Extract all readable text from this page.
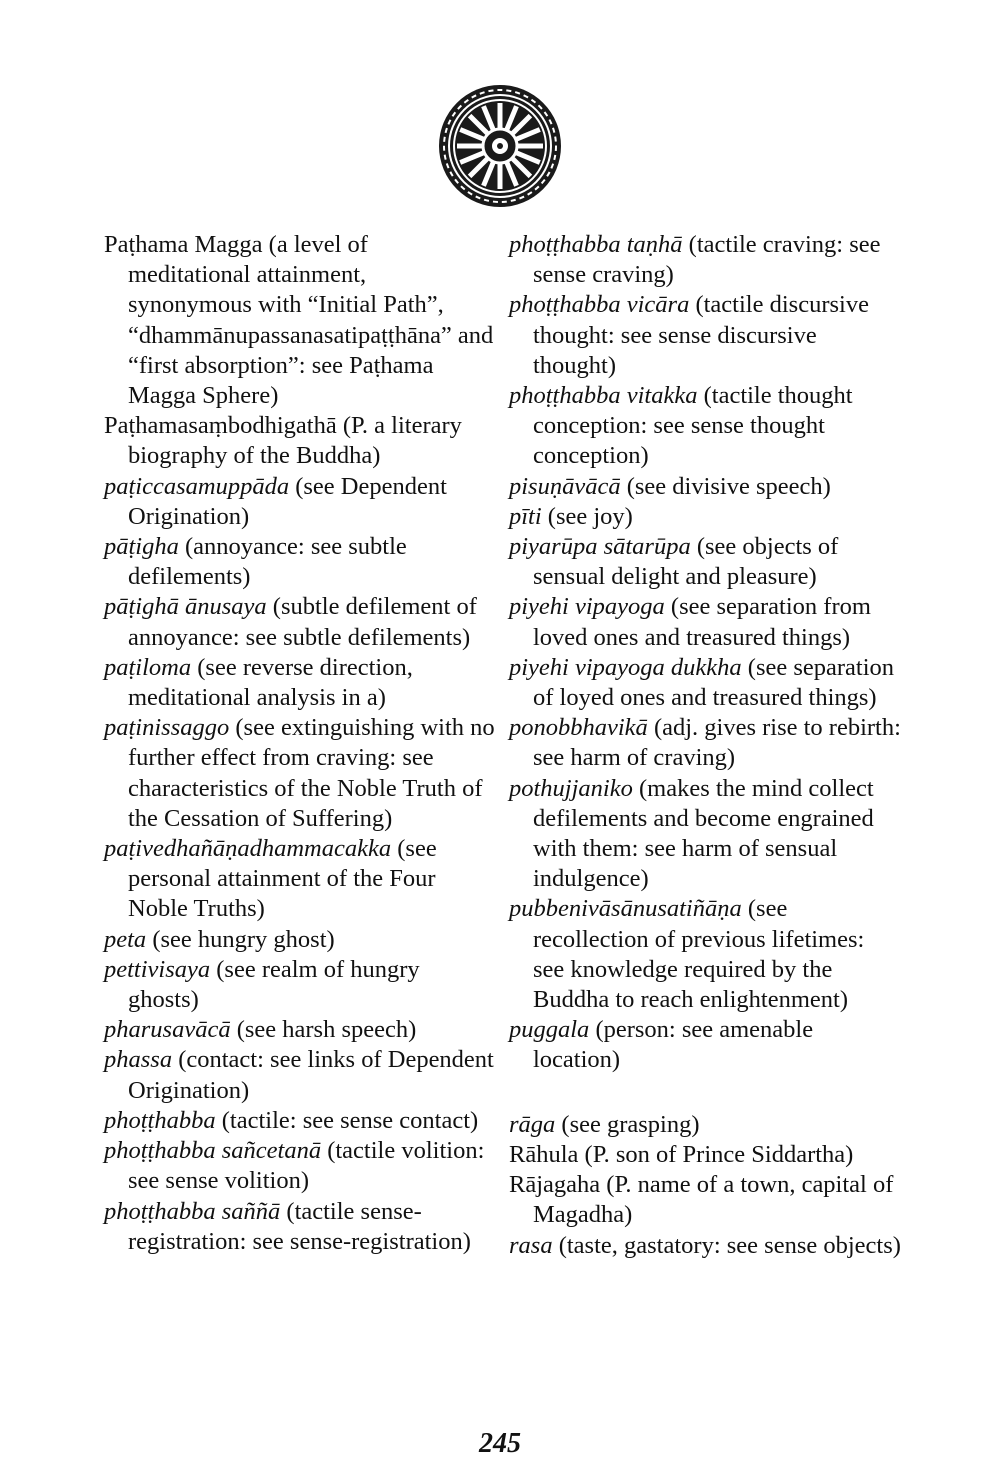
Paṭhama Magga (a level of meditational attainment, synonymous with “Initial Path”, “dhammānupassanasatipaṭṭhāna” and “first absorption”: see Paṭhama Magga Sphere)

Paṭhamasaṃbodhigathā (P. a literary biography of the Buddha)

paṭiccasamuppāda (see Dependent Origination)

pāṭigha (annoyance: see subtle defilements)

pāṭighā ānusaya (subtle defilement of annoyance: see subtle defilements)

paṭiloma (see reverse direction, meditational analysis in a)

paṭinissaggo (see extinguishing with no further effect from craving: see characteristics of the Noble Truth of the Cessation of Suffering)

paṭivedhañāṇadhammacakka (see personal attainment of the Four Noble Truths)

peta (see hungry ghost)

pettivisaya (see realm of hungry ghosts)

pharusavācā (see harsh speech)

phassa (contact: see links of Dependent Origination)

phoṭṭhabba (tactile: see sense contact)

phoṭṭhabba sañcetanā (tactile volition: see sense volition)

phoṭṭhabba saññā (tactile sense-registration: see sense-registration)

phoṭṭhabba taṇhā (tactile craving: see sense craving)

phoṭṭhabba vicāra (tactile discursive thought: see sense discursive thought)

phoṭṭhabba vitakka (tactile thought conception: see sense thought conception)

pisuṇāvācā (see divisive speech)

pīti (see joy)

piyarūpa sātarūpa (see objects of sensual delight and pleasure)

piyehi vipayoga (see separation from loved ones and treasured things)

piyehi vipayoga dukkha (see separation of loyed ones and treasured things)

ponobbhavikā (adj. gives rise to rebirth: see harm of craving)

pothujjaniko (makes the mind collect defilements and become engrained with them: see harm of sensual indulgence)

pubbenivāsānusatiñāṇa (see recollection of previous lifetimes: see knowledge required by the Buddha to reach enlightenment)

puggala (person: see amenable location)

rāga (see grasping)

Rāhula (P. son of Prince Siddartha)

Rājagaha (P. name of a town, capital of Magadha)

rasa (taste, gastatory: see sense objects)

245
